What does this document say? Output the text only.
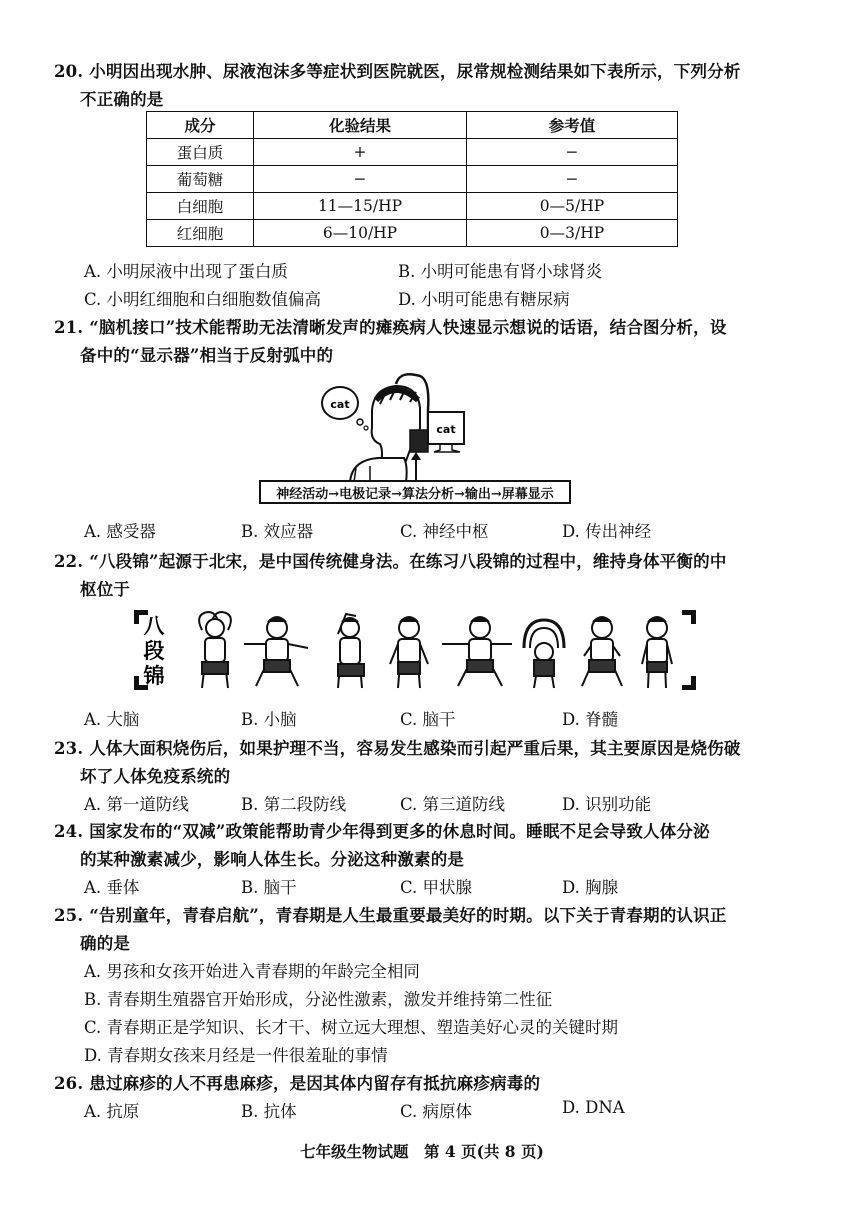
20. 小明因出现水肿、尿液泡沫多等症状到医院就医，尿常规检测结果如下表所示，下列分析
不正确的是
成分	化验结果	参考值
蛋白质	+	−
葡萄糖	−	−
白细胞	11—15/HP	0—5/HP
红细胞	6—10/HP	0—3/HP
A. 小明尿液中出现了蛋白质	B. 小明可能患有肾小球肾炎
C. 小明红细胞和白细胞数值偏高	D. 小明可能患有糖尿病
21. “脑机接口”技术能帮助无法清晰发声的瘫痪病人快速显示想说的话语，结合图分析，设
备中的“显示器”相当于反射弧中的
cat
cat
神经活动→电极记录→算法分析→输出→屏幕显示
A. 感受器	B. 效应器	C. 神经中枢	D. 传出神经
22. “八段锦”起源于北宋，是中国传统健身法。在练习八段锦的过程中，维持身体平衡的中
枢位于
八
段
锦
A. 大脑	B. 小脑	C. 脑干	D. 脊髓
23. 人体大面积烧伤后，如果护理不当，容易发生感染而引起严重后果，其主要原因是烧伤破
坏了人体免疫系统的
A. 第一道防线	B. 第二段防线	C. 第三道防线	D. 识别功能
24. 国家发布的“双减”政策能帮助青少年得到更多的休息时间。睡眠不足会导致人体分泌
的某种激素减少，影响人体生长。分泌这种激素的是
A. 垂体	B. 脑干	C. 甲状腺	D. 胸腺
25. “告别童年，青春启航”，青春期是人生最重要最美好的时期。以下关于青春期的认识正
确的是
A. 男孩和女孩开始进入青春期的年龄完全相同
B. 青春期生殖器官开始形成，分泌性激素，激发并维持第二性征
C. 青春期正是学知识、长才干、树立远大理想、塑造美好心灵的关键时期
D. 青春期女孩来月经是一件很羞耻的事情
26. 患过麻疹的人不再患麻疹，是因其体内留存有抵抗麻疹病毒的
A. 抗原	B. 抗体	C. 病原体	D. DNA
七年级生物试题　第 4 页(共 8 页)
